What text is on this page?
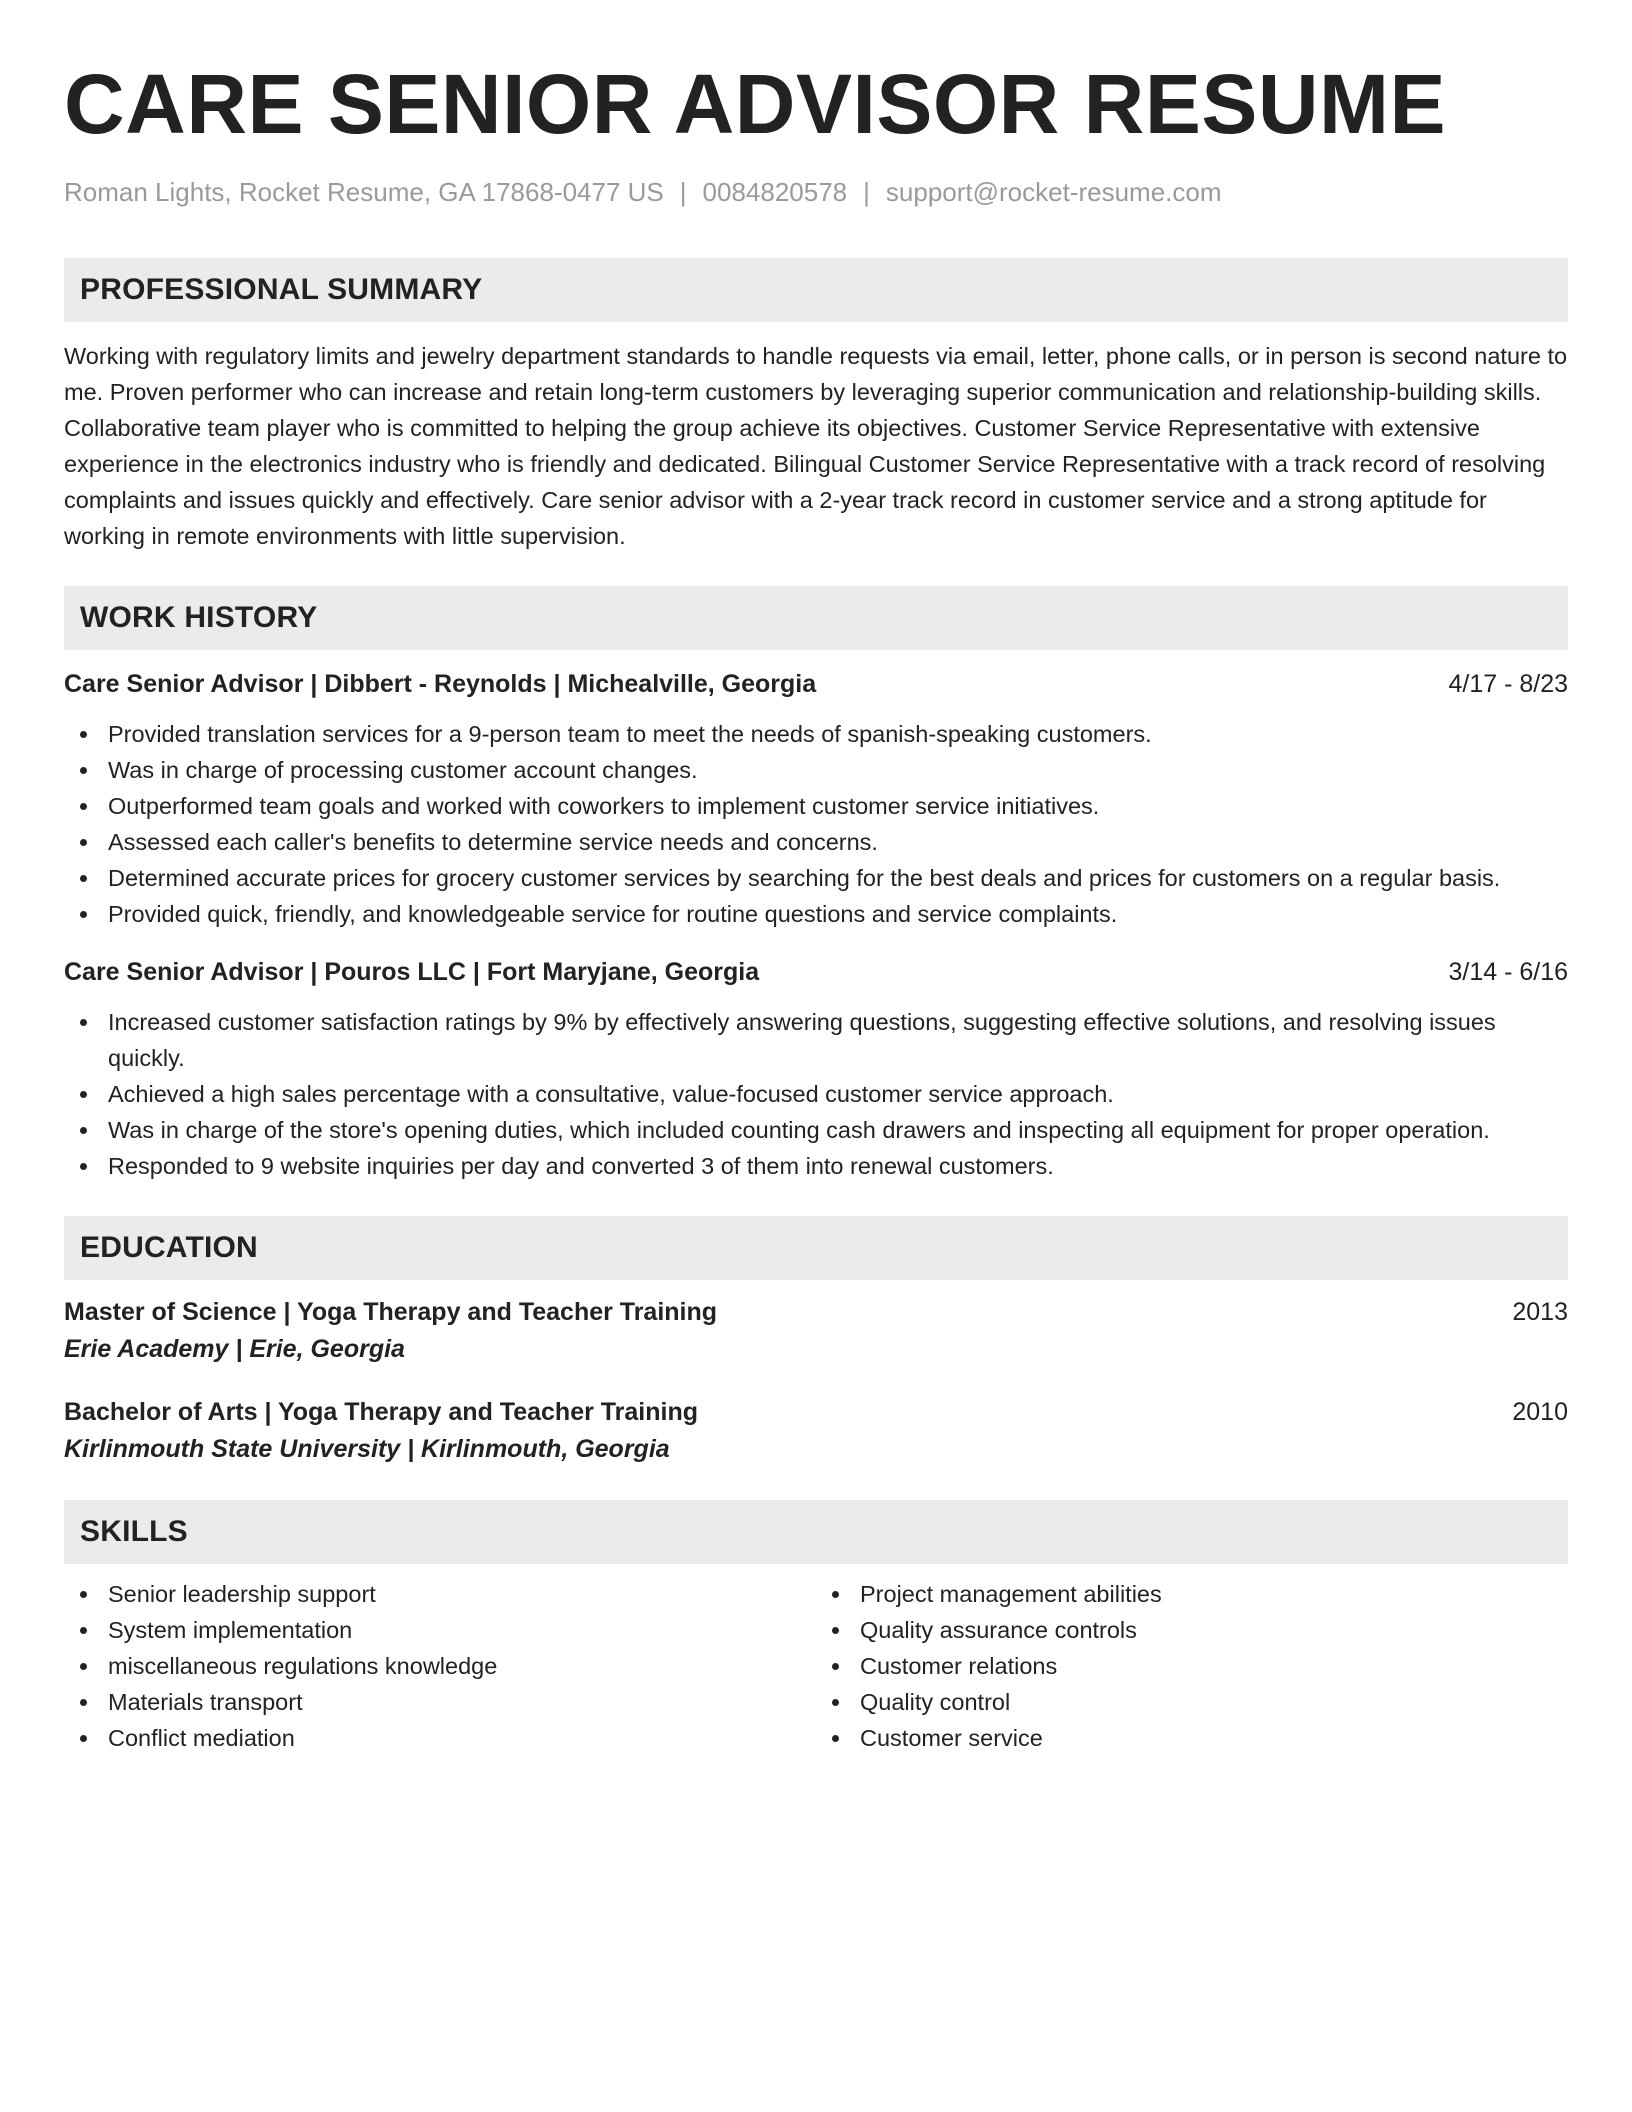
CARE SENIOR ADVISOR RESUME
Roman Lights, Rocket Resume, GA 17868-0477 US | 0084820578 | support@rocket-resume.com
PROFESSIONAL SUMMARY

Working with regulatory limits and jewelry department standards to handle requests via email, letter, phone calls, or in person is second nature to me. Proven performer who can increase and retain long-term customers by leveraging superior communication and relationship-building skills. Collaborative team player who is committed to helping the group achieve its objectives. Customer Service Representative with extensive experience in the electronics industry who is friendly and dedicated. Bilingual Customer Service Representative with a track record of resolving complaints and issues quickly and effectively. Care senior advisor with a 2-year track record in customer service and a strong aptitude for working in remote environments with little supervision.

WORK HISTORY
Care Senior Advisor | Dibbert - Reynolds | Michealville, Georgia	4/17 - 8/23
Provided translation services for a 9-person team to meet the needs of spanish-speaking customers.
Was in charge of processing customer account changes.
Outperformed team goals and worked with coworkers to implement customer service initiatives.
Assessed each caller's benefits to determine service needs and concerns.
Determined accurate prices for grocery customer services by searching for the best deals and prices for customers on a regular basis.
Provided quick, friendly, and knowledgeable service for routine questions and service complaints.
Care Senior Advisor | Pouros LLC | Fort Maryjane, Georgia	3/14 - 6/16
Increased customer satisfaction ratings by 9% by effectively answering questions, suggesting effective solutions, and resolving issues quickly.
Achieved a high sales percentage with a consultative, value-focused customer service approach.
Was in charge of the store's opening duties, which included counting cash drawers and inspecting all equipment for proper operation.
Responded to 9 website inquiries per day and converted 3 of them into renewal customers.
EDUCATION
Master of Science | Yoga Therapy and Teacher Training	2013
Erie Academy | Erie, Georgia
Bachelor of Arts | Yoga Therapy and Teacher Training	2010
Kirlinmouth State University | Kirlinmouth, Georgia
SKILLS
Senior leadership support
System implementation
miscellaneous regulations knowledge
Materials transport
Conflict mediation
Project management abilities
Quality assurance controls
Customer relations
Quality control
Customer service
